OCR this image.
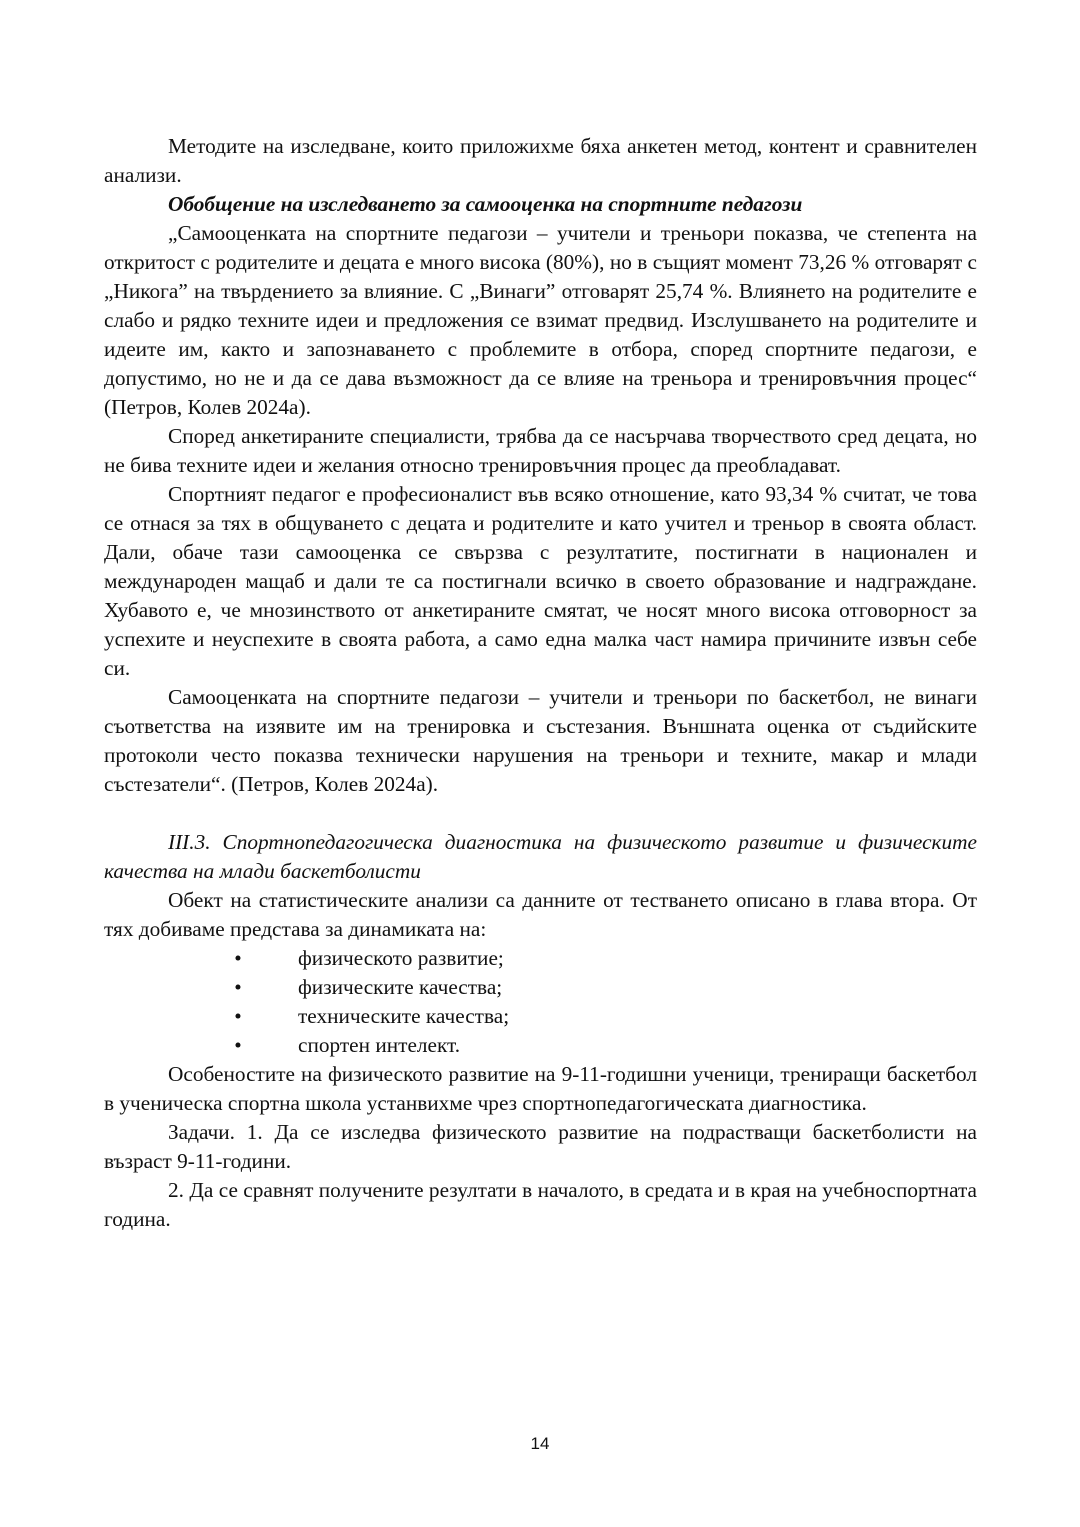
Методите на изследване, които приложихме бяха анкетен метод, контент и сравнителен анализи.

Обобщение на изследването за самооценка на спортните педагози

„Самооценката на спортните педагози – учители и треньори показва, че степента на откритост с родителите и децата е много висока (80%), но в същият момент 73,26 % отговарят с „Никога” на твърдението за влияние. С „Винаги” отговарят 25,74 %. Влиянето на родителите е слабо и рядко техните идеи и предложения се взимат предвид. Изслушването на родителите и идеите им, както и запознаването с проблемите в отбора, според спортните педагози, е допустимо, но не и да се дава възможност да се влияе на треньора и тренировъчния процес“ (Петров, Колев 2024а).

Според анкетираните специалисти, трябва да се насърчава творчеството сред децата, но не бива техните идеи и желания относно тренировъчния процес да преобладават.

Спортният педагог е професионалист във всяко отношение, като 93,34 % считат, че това се отнася за тях в общуването с децата и родителите и като учител и треньор в своята област. Дали, обаче тази самооценка се свързва с резултатите, постигнати в национален и международен мащаб и дали те са постигнали всичко в своето образование и надграждане. Хубавото е, че мнозинството от анкетираните смятат, че носят много висока отговорност за успехите и неуспехите в своята работа, а само една малка част намира причините извън себе си.

Самооценката на спортните педагози – учители и треньори по баскетбол, не винаги съответства на изявите им на тренировка и състезания. Външната оценка от съдийските протоколи често показва технически нарушения на треньори и техните, макар и млади състезатели“. (Петров, Колев 2024а).

III.3. Спортнопедагогическа диагностика на физическото развитие и физическите качества на млади баскетболисти

Обект на статистическите анализи са данните от тестването описано в глава втора. От тях добиваме представа за динамиката на:

•	физическото развитие;
•	физическите качества;
•	техническите качества;
•	спортен интелект.

Особеностите на физическото развитие на 9-11-годишни ученици, трениращи баскетбол в ученическа спортна школа устанвихме чрез спортнопедагогическата диагностика.

Задачи. 1. Да се изследва физическото развитие на подрастващи баскетболисти на възраст 9-11-години.

2. Да се сравнят получените резултати в началото, в средата и в края на учебноспортната година.

14
